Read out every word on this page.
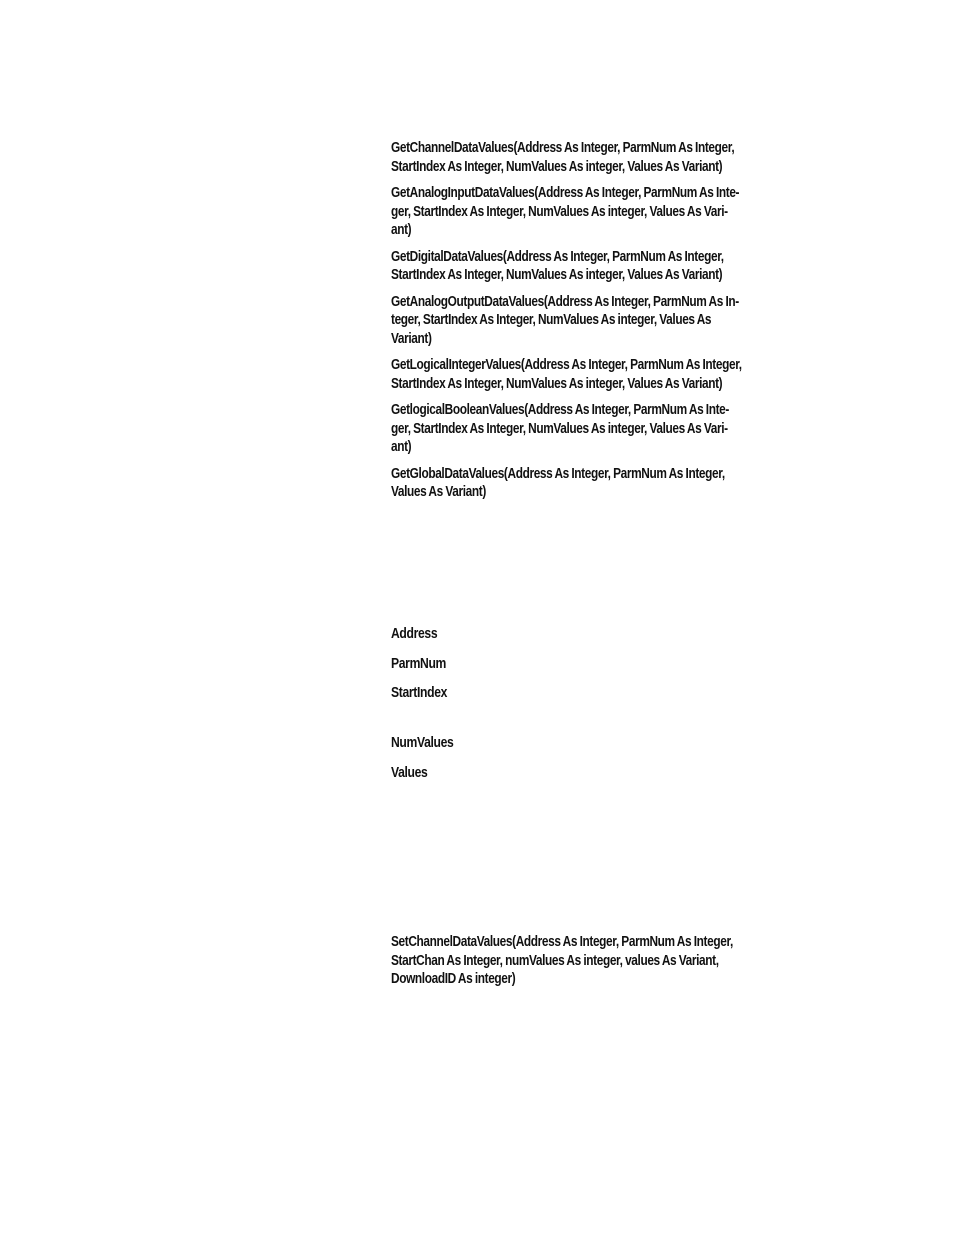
GetChannelDataValues(Address As Integer, ParmNum As Integer,
StartIndex As Integer, NumValues As integer, Values As Variant)
GetAnalogInputDataValues(Address As Integer, ParmNum As Inte-
ger, StartIndex As Integer, NumValues As integer, Values As Vari-
ant)
GetDigitalDataValues(Address As Integer, ParmNum As Integer,
StartIndex As Integer, NumValues As integer, Values As Variant)
GetAnalogOutputDataValues(Address As Integer, ParmNum As In-
teger, StartIndex As Integer, NumValues As integer, Values As
Variant)
GetLogicalIntegerValues(Address As Integer, ParmNum As Integer,
StartIndex As Integer, NumValues As integer, Values As Variant)
GetlogicalBooleanValues(Address As Integer, ParmNum As Inte-
ger, StartIndex As Integer, NumValues As integer, Values As Vari-
ant)
GetGlobalDataValues(Address As Integer, ParmNum As Integer,
Values As Variant)
Address
ParmNum
StartIndex
NumValues
Values
SetChannelDataValues(Address As Integer, ParmNum As Integer,
StartChan As Integer, numValues As integer, values As Variant,
DownloadID As integer)
